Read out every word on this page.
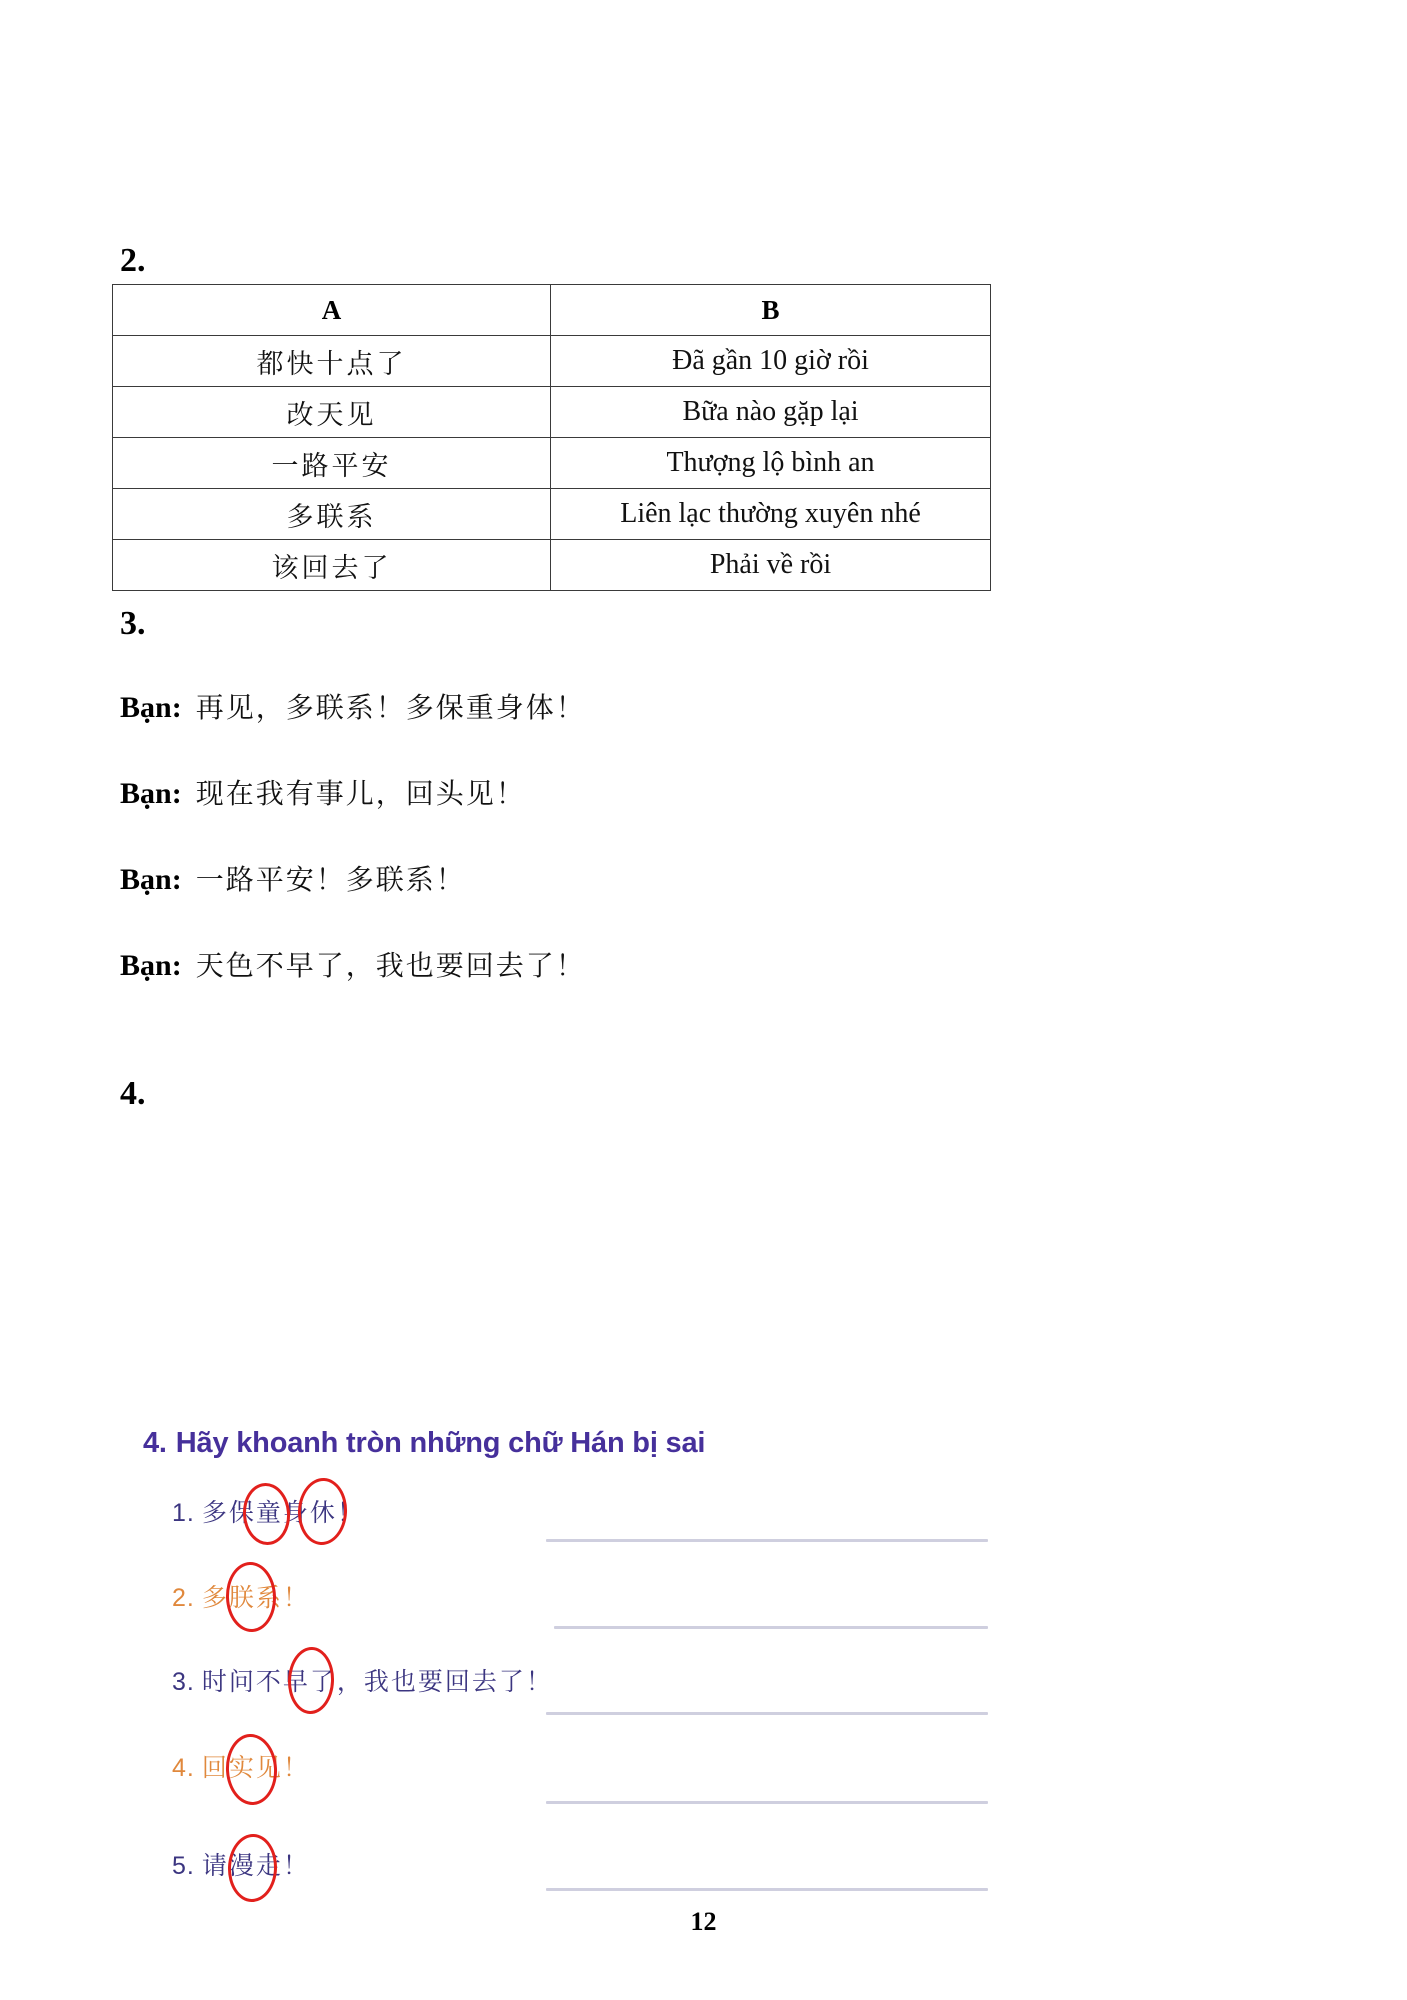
2.
A	B
都快十点了	Đã gần 10 giờ rồi
改天见	Bữa nào gặp lại
一路平安	Thượng lộ bình an
多联系	Liên lạc thường xuyên nhé
该回去了	Phải về rồi
3.
Bạn: 再见，多联系！多保重身体！
Bạn: 现在我有事儿，回头见！
Bạn: 一路平安！多联系！
Bạn: 天色不早了，我也要回去了！
4.
4. Hãy khoanh tròn những chữ Hán bị sai
1. 多保童身休！
2. 多朕系！
3. 时问不早了，我也要回去了！
4. 回实见！
5. 请漫走！
12
